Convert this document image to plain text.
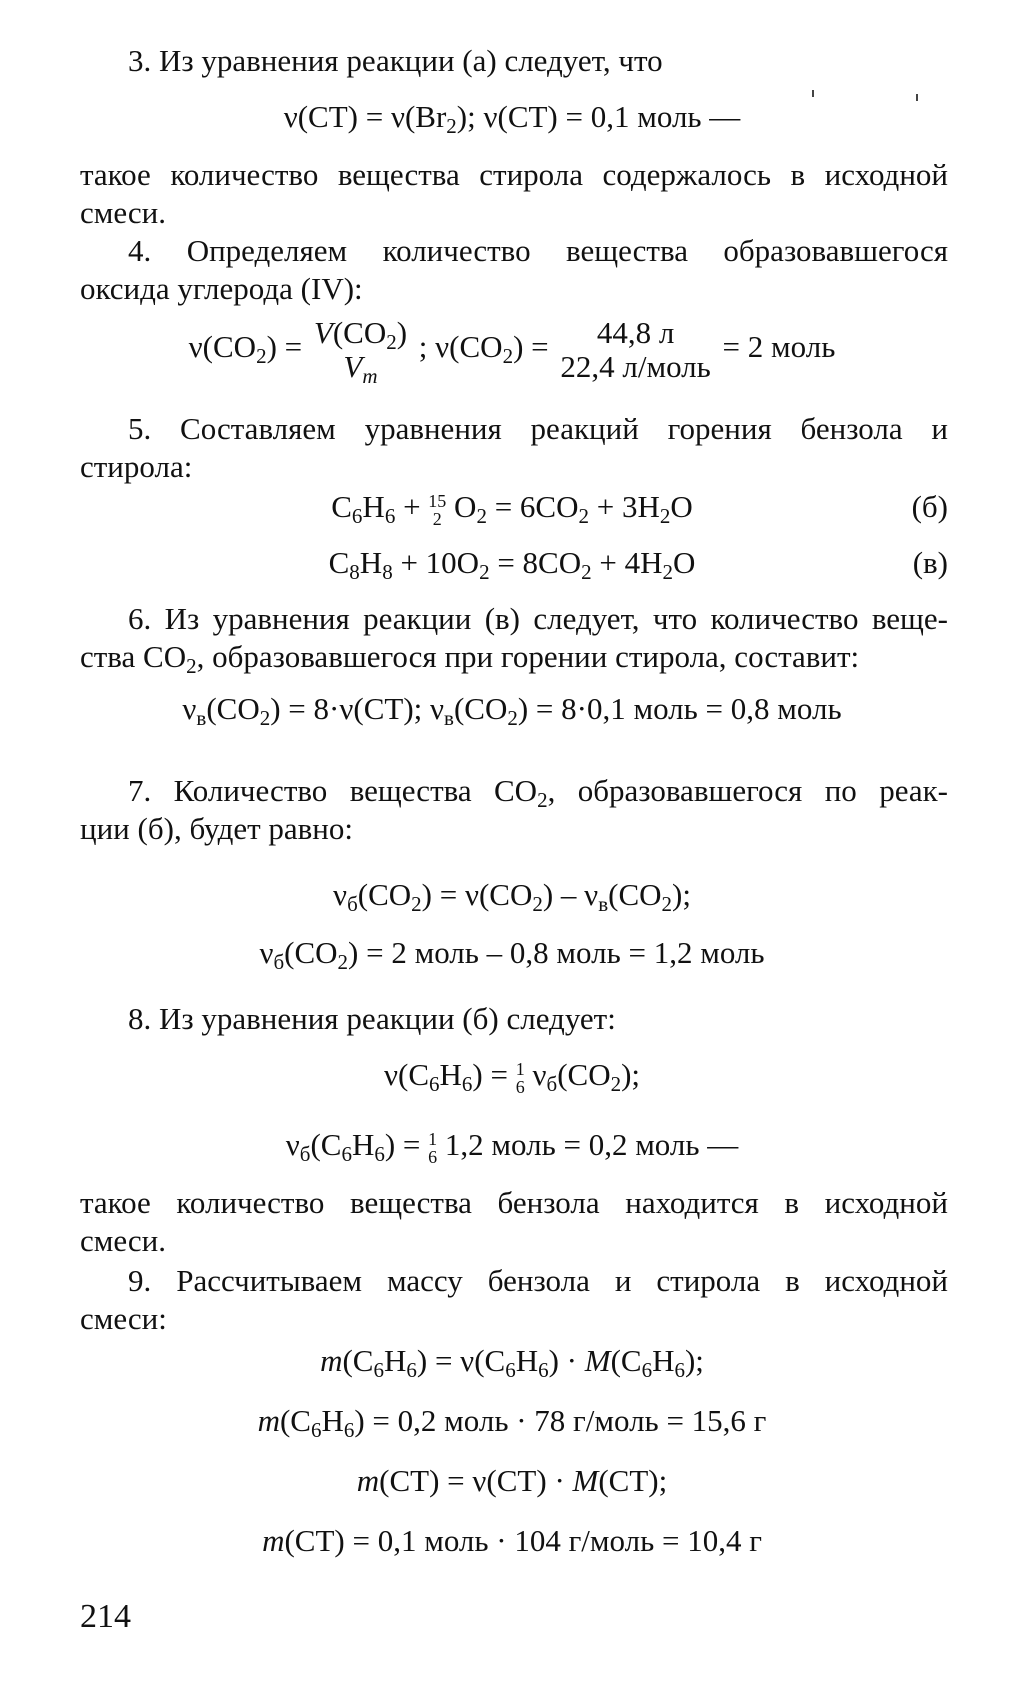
3. Из уравнения реакции (а) следует, что
$\nu(СТ) = \nu(Br_2)$; ν(СТ) = 0,1 моль —
такое количество вещества стирола содержалось в исходной
смеси.
4. Определяем количество вещества образовавшегося
оксида углерода (IV):
$\nu(CO_2) = V(CO_2)$
$V_m$
; $\nu(CO_2)$ =	44,8 л
22,4 л/моль
= 2 моль
5. Составляем уравнения реакций горения бензола и
стирола:
$C_6H_6 + 15$
2 $O_2 = 6CO_2 + 3H_2O$	(б)
$C_8H_8 + 10O_2 = 8CO_2 + 4H_2O$	(в)
6. Из уравнения реакции (в) следует, что количество веще-
ства $CO_2$, образовавшегося при горении стирола, составит:
$\nu_в(CO_2) = 8\cdot\nu(СТ)$; $\nu_в(CO_2) = 8\cdot 0,1$ моль = 0,8 моль
7. Количество вещества $CO_2$, образовавшегося по реак-
ции (б), будет равно:
$\nu_б(CO_2) = \nu(CO_2) - \nu_в(CO_2)$;
$\nu_б(CO_2) = 2$ моль – 0,8 моль = 1,2 моль
8. Из уравнения реакции (б) следует:
$\nu(C_6H_6) = 1$
6 $\nu_б(CO_2)$;
$\nu_б(C_6H_6) = 1$
6 1,2 моль = 0,2 моль —
такое количество вещества бензола находится в исходной
смеси.
9. Рассчитываем массу бензола и стирола в исходной
смеси:
$m(C_6H_6) = \nu(C_6H_6) \cdot M(C_6H_6)$;
$m(C_6H_6) = 0,2$ моль · 78 г/моль = 15,6 г
m(СТ) = ν(СТ) · M(СТ);
m(СТ) = 0,1 моль · 104 г/моль = 10,4 г
214
